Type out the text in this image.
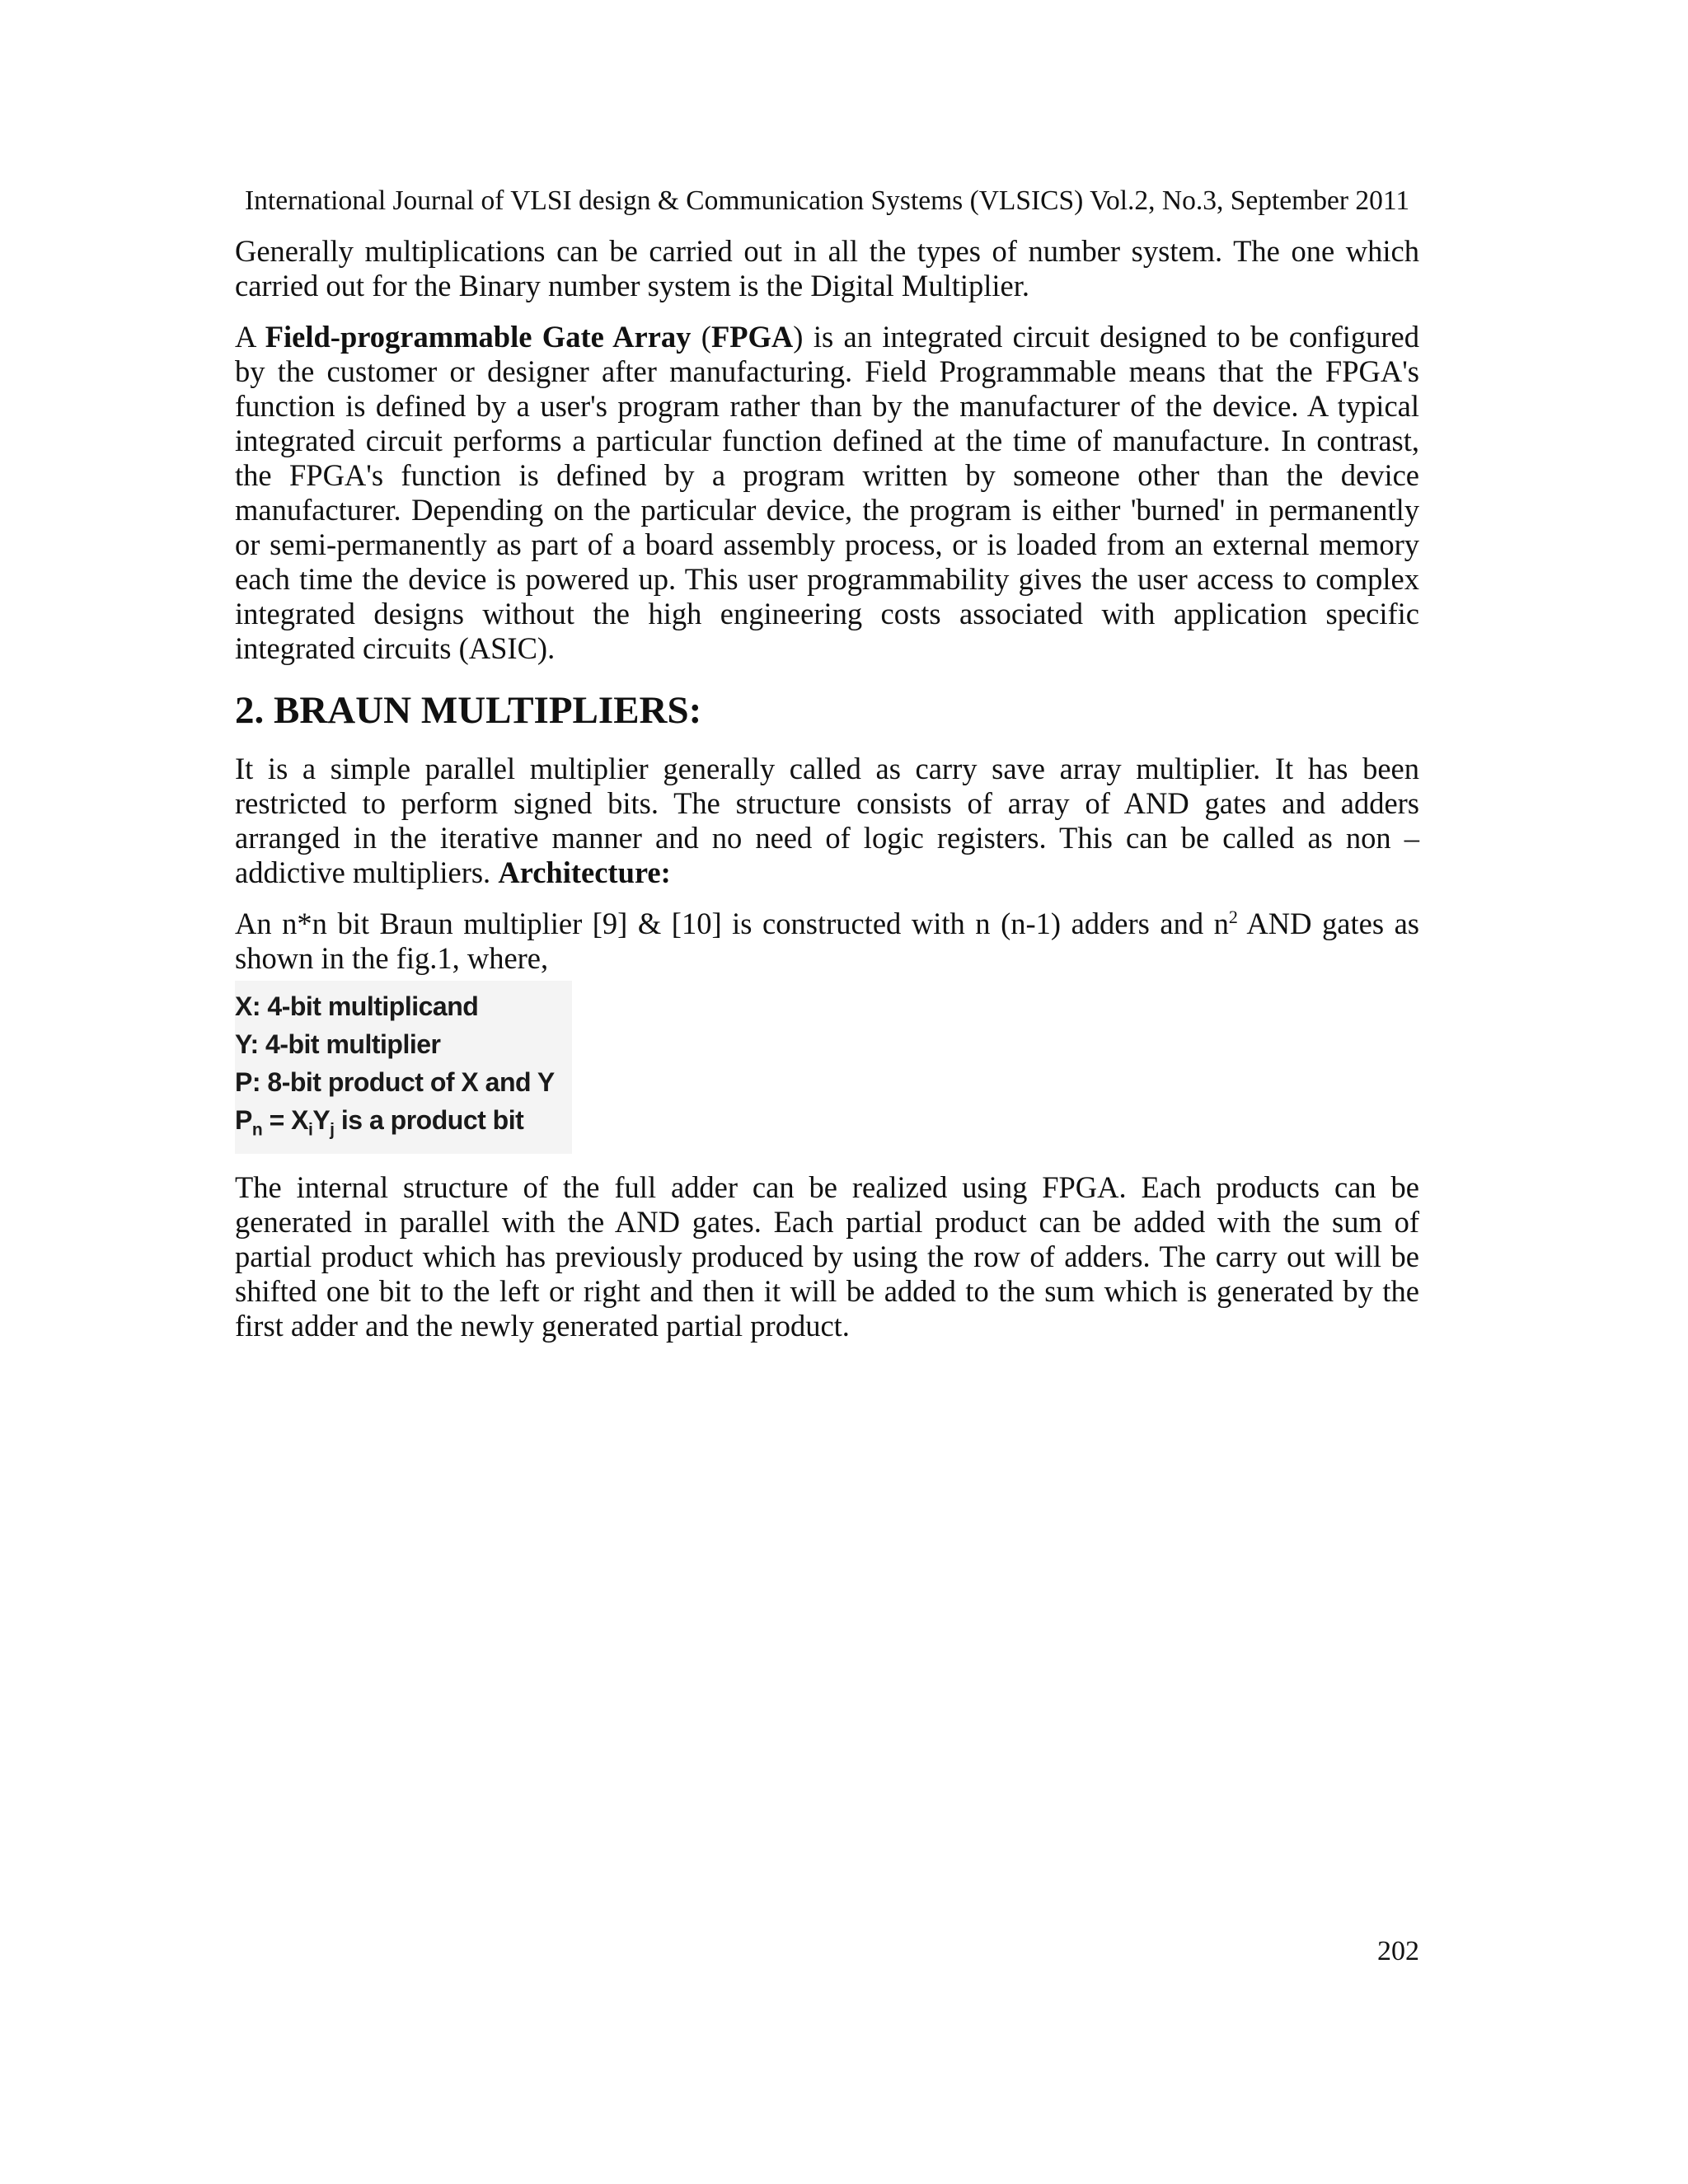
International Journal of VLSI design & Communication Systems (VLSICS) Vol.2, No.3, September 2011

Generally multiplications can be carried out in all the types of number system. The one which carried out for the Binary number system is the Digital Multiplier.

A Field-programmable Gate Array (FPGA) is an integrated circuit designed to be configured by the customer or designer after manufacturing. Field Programmable means that the FPGA's function is defined by a user's program rather than by the manufacturer of the device. A typical integrated circuit performs a particular function defined at the time of manufacture. In contrast, the FPGA's function is defined by a program written by someone other than the device manufacturer. Depending on the particular device, the program is either 'burned' in permanently or semi-permanently as part of a board assembly process, or is loaded from an external memory each time the device is powered up. This user programmability gives the user access to complex integrated designs without the high engineering costs associated with application specific integrated circuits (ASIC).

2. BRAUN MULTIPLIERS:

It is a simple parallel multiplier generally called as carry save array multiplier. It has been restricted to perform signed bits. The structure consists of array of AND gates and adders arranged in the iterative manner and no need of logic registers. This can be called as non – addictive multipliers. Architecture:

An n*n bit Braun multiplier [9] & [10] is constructed with n (n-1) adders and $n^2$ AND gates as shown in the fig.1, where,

X: 4-bit multiplicand
Y: 4-bit multiplier
P: 8-bit product of X and Y
$P_n = X_iY_j$ is a product bit

The internal structure of the full adder can be realized using FPGA. Each products can be generated in parallel with the AND gates. Each partial product can be added with the sum of partial product which has previously produced by using the row of adders. The carry out will be shifted one bit to the left or right and then it will be added to the sum which is generated by the first adder and the newly generated partial product.

202
